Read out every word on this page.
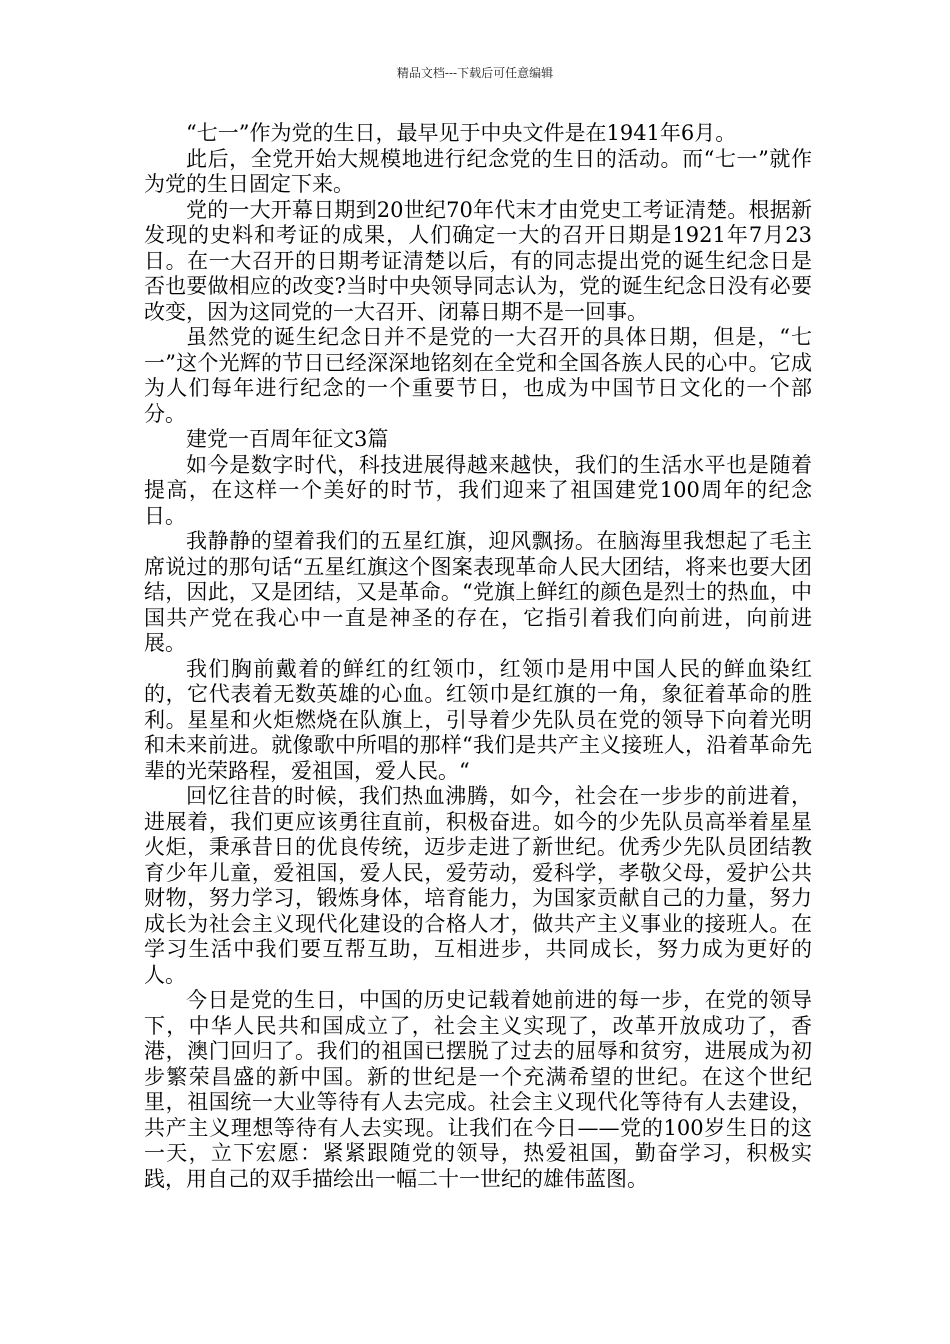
精品文档---下载后可任意编辑

“七一”作为党的生日，最早见于中央文件是在1941年6月。

此后，全党开始大规模地进行纪念党的生日的活动。而“七一”就作为党的生日固定下来。

党的一大开幕日期到20世纪70年代末才由党史工考证清楚。根据新发现的史料和考证的成果，人们确定一大的召开日期是1921年7月23日。在一大召开的日期考证清楚以后，有的同志提出党的诞生纪念日是否也要做相应的改变?当时中央领导同志认为，党的诞生纪念日没有必要改变，因为这同党的一大召开、闭幕日期不是一回事。

虽然党的诞生纪念日并不是党的一大召开的具体日期，但是，“七一”这个光辉的节日已经深深地铭刻在全党和全国各族人民的心中。它成为人们每年进行纪念的一个重要节日，也成为中国节日文化的一个部分。

建党一百周年征文3篇

如今是数字时代，科技进展得越来越快，我们的生活水平也是随着提高，在这样一个美好的时节，我们迎来了祖国建党100周年的纪念日。

我静静的望着我们的五星红旗，迎风飘扬。在脑海里我想起了毛主席说过的那句话“五星红旗这个图案表现革命人民大团结，将来也要大团结，因此，又是团结，又是革命。“党旗上鲜红的颜色是烈士的热血，中国共产党在我心中一直是神圣的存在，它指引着我们向前进，向前进展。

我们胸前戴着的鲜红的红领巾，红领巾是用中国人民的鲜血染红的，它代表着无数英雄的心血。红领巾是红旗的一角，象征着革命的胜利。星星和火炬燃烧在队旗上，引导着少先队员在党的领导下向着光明和未来前进。就像歌中所唱的那样“我们是共产主义接班人，沿着革命先辈的光荣路程，爱祖国，爱人民。“

回忆往昔的时候，我们热血沸腾，如今，社会在一步步的前进着，进展着，我们更应该勇往直前，积极奋进。如今的少先队员高举着星星火炬，秉承昔日的优良传统，迈步走进了新世纪。优秀少先队员团结教育少年儿童，爱祖国，爱人民，爱劳动，爱科学，孝敬父母，爱护公共财物，努力学习，锻炼身体，培育能力，为国家贡献自己的力量，努力成长为社会主义现代化建设的合格人才，做共产主义事业的接班人。在学习生活中我们要互帮互助，互相进步，共同成长，努力成为更好的人。

今日是党的生日，中国的历史记载着她前进的每一步，在党的领导下，中华人民共和国成立了，社会主义实现了，改革开放成功了，香港，澳门回归了。我们的祖国已摆脱了过去的屈辱和贫穷，进展成为初步繁荣昌盛的新中国。新的世纪是一个充满希望的世纪。在这个世纪里，祖国统一大业等待有人去完成。社会主义现代化等待有人去建设，共产主义理想等待有人去实现。让我们在今日——党的100岁生日的这一天，立下宏愿：紧紧跟随党的领导，热爱祖国，勤奋学习，积极实践，用自己的双手描绘出一幅二十一世纪的雄伟蓝图。
